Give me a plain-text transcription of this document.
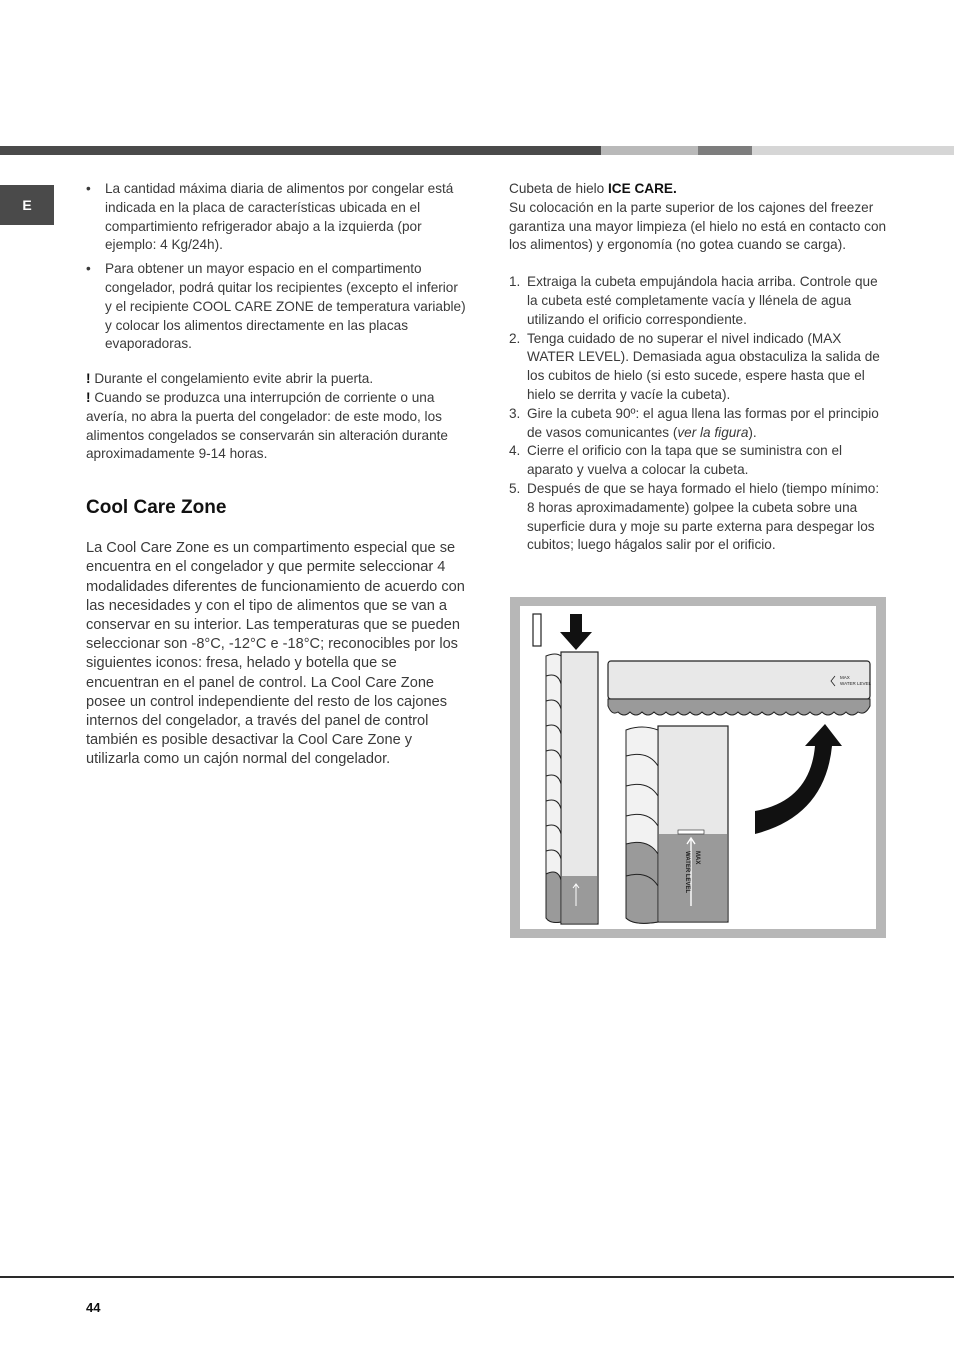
E
• La cantidad máxima diaria de alimentos por congelar está indicada en la placa de características ubicada en el compartimiento refrigerador abajo a la izquierda (por ejemplo: 4 Kg/24h).
• Para obtener un mayor espacio en el compartimento congelador, podrá quitar los recipientes (excepto el inferior y el recipiente COOL CARE ZONE de temperatura variable) y colocar los alimentos directamente en las placas evaporadoras.

! Durante el congelamiento evite abrir la puerta.

! Cuando se produzca una interrupción de corriente o una avería, no abra la puerta del congelador: de este modo, los alimentos congelados se conservarán sin alteración durante aproximadamente 9-14 horas.

Cool Care Zone

La Cool Care Zone es un compartimento especial que se encuentra en el congelador y que permite seleccionar 4 modalidades diferentes de funcionamiento de acuerdo con las necesidades y con el tipo de alimentos que se van a conservar en su interior. Las temperaturas que se pueden seleccionar son -8°C, -12°C e -18°C; reconocibles por los siguientes iconos: fresa, helado y botella que se encuentran en el panel de control. La Cool Care Zone posee un control independiente del resto de los cajones internos del congelador, a través del panel de control también es posible desactivar la Cool Care Zone y utilizarla como un cajón normal del congelador.

Cubeta de hielo ICE CARE.

Su colocación en la parte superior de los cajones del freezer garantiza una mayor limpieza (el hielo no está en contacto con los alimentos) y ergonomía (no gotea cuando se carga).

1. Extraiga la cubeta empujándola hacia arriba. Controle que la cubeta esté completamente vacía y llénela de agua utilizando el orificio correspondiente.
2. Tenga cuidado de no superar el nivel indicado (MAX WATER LEVEL). Demasiada agua obstaculiza la salida de los cubitos de hielo (si esto sucede, espere hasta que el hielo se derrita y vacíe la cubeta).
3. Gire la cubeta 90º: el agua llena las formas por el principio de vasos comunicantes (ver la figura).
4. Cierre el orificio con la tapa que se suministra con el aparato y vuelva a colocar la cubeta.
5. Después de que se haya formado el hielo (tiempo mínimo: 8 horas aproximadamente) golpee la cubeta sobre una superficie dura y moje su parte externa para despegar los cubitos; luego hágalos salir por el orificio.
MAX
WATER LEVEL
MAX
WATER LEVEL
44
